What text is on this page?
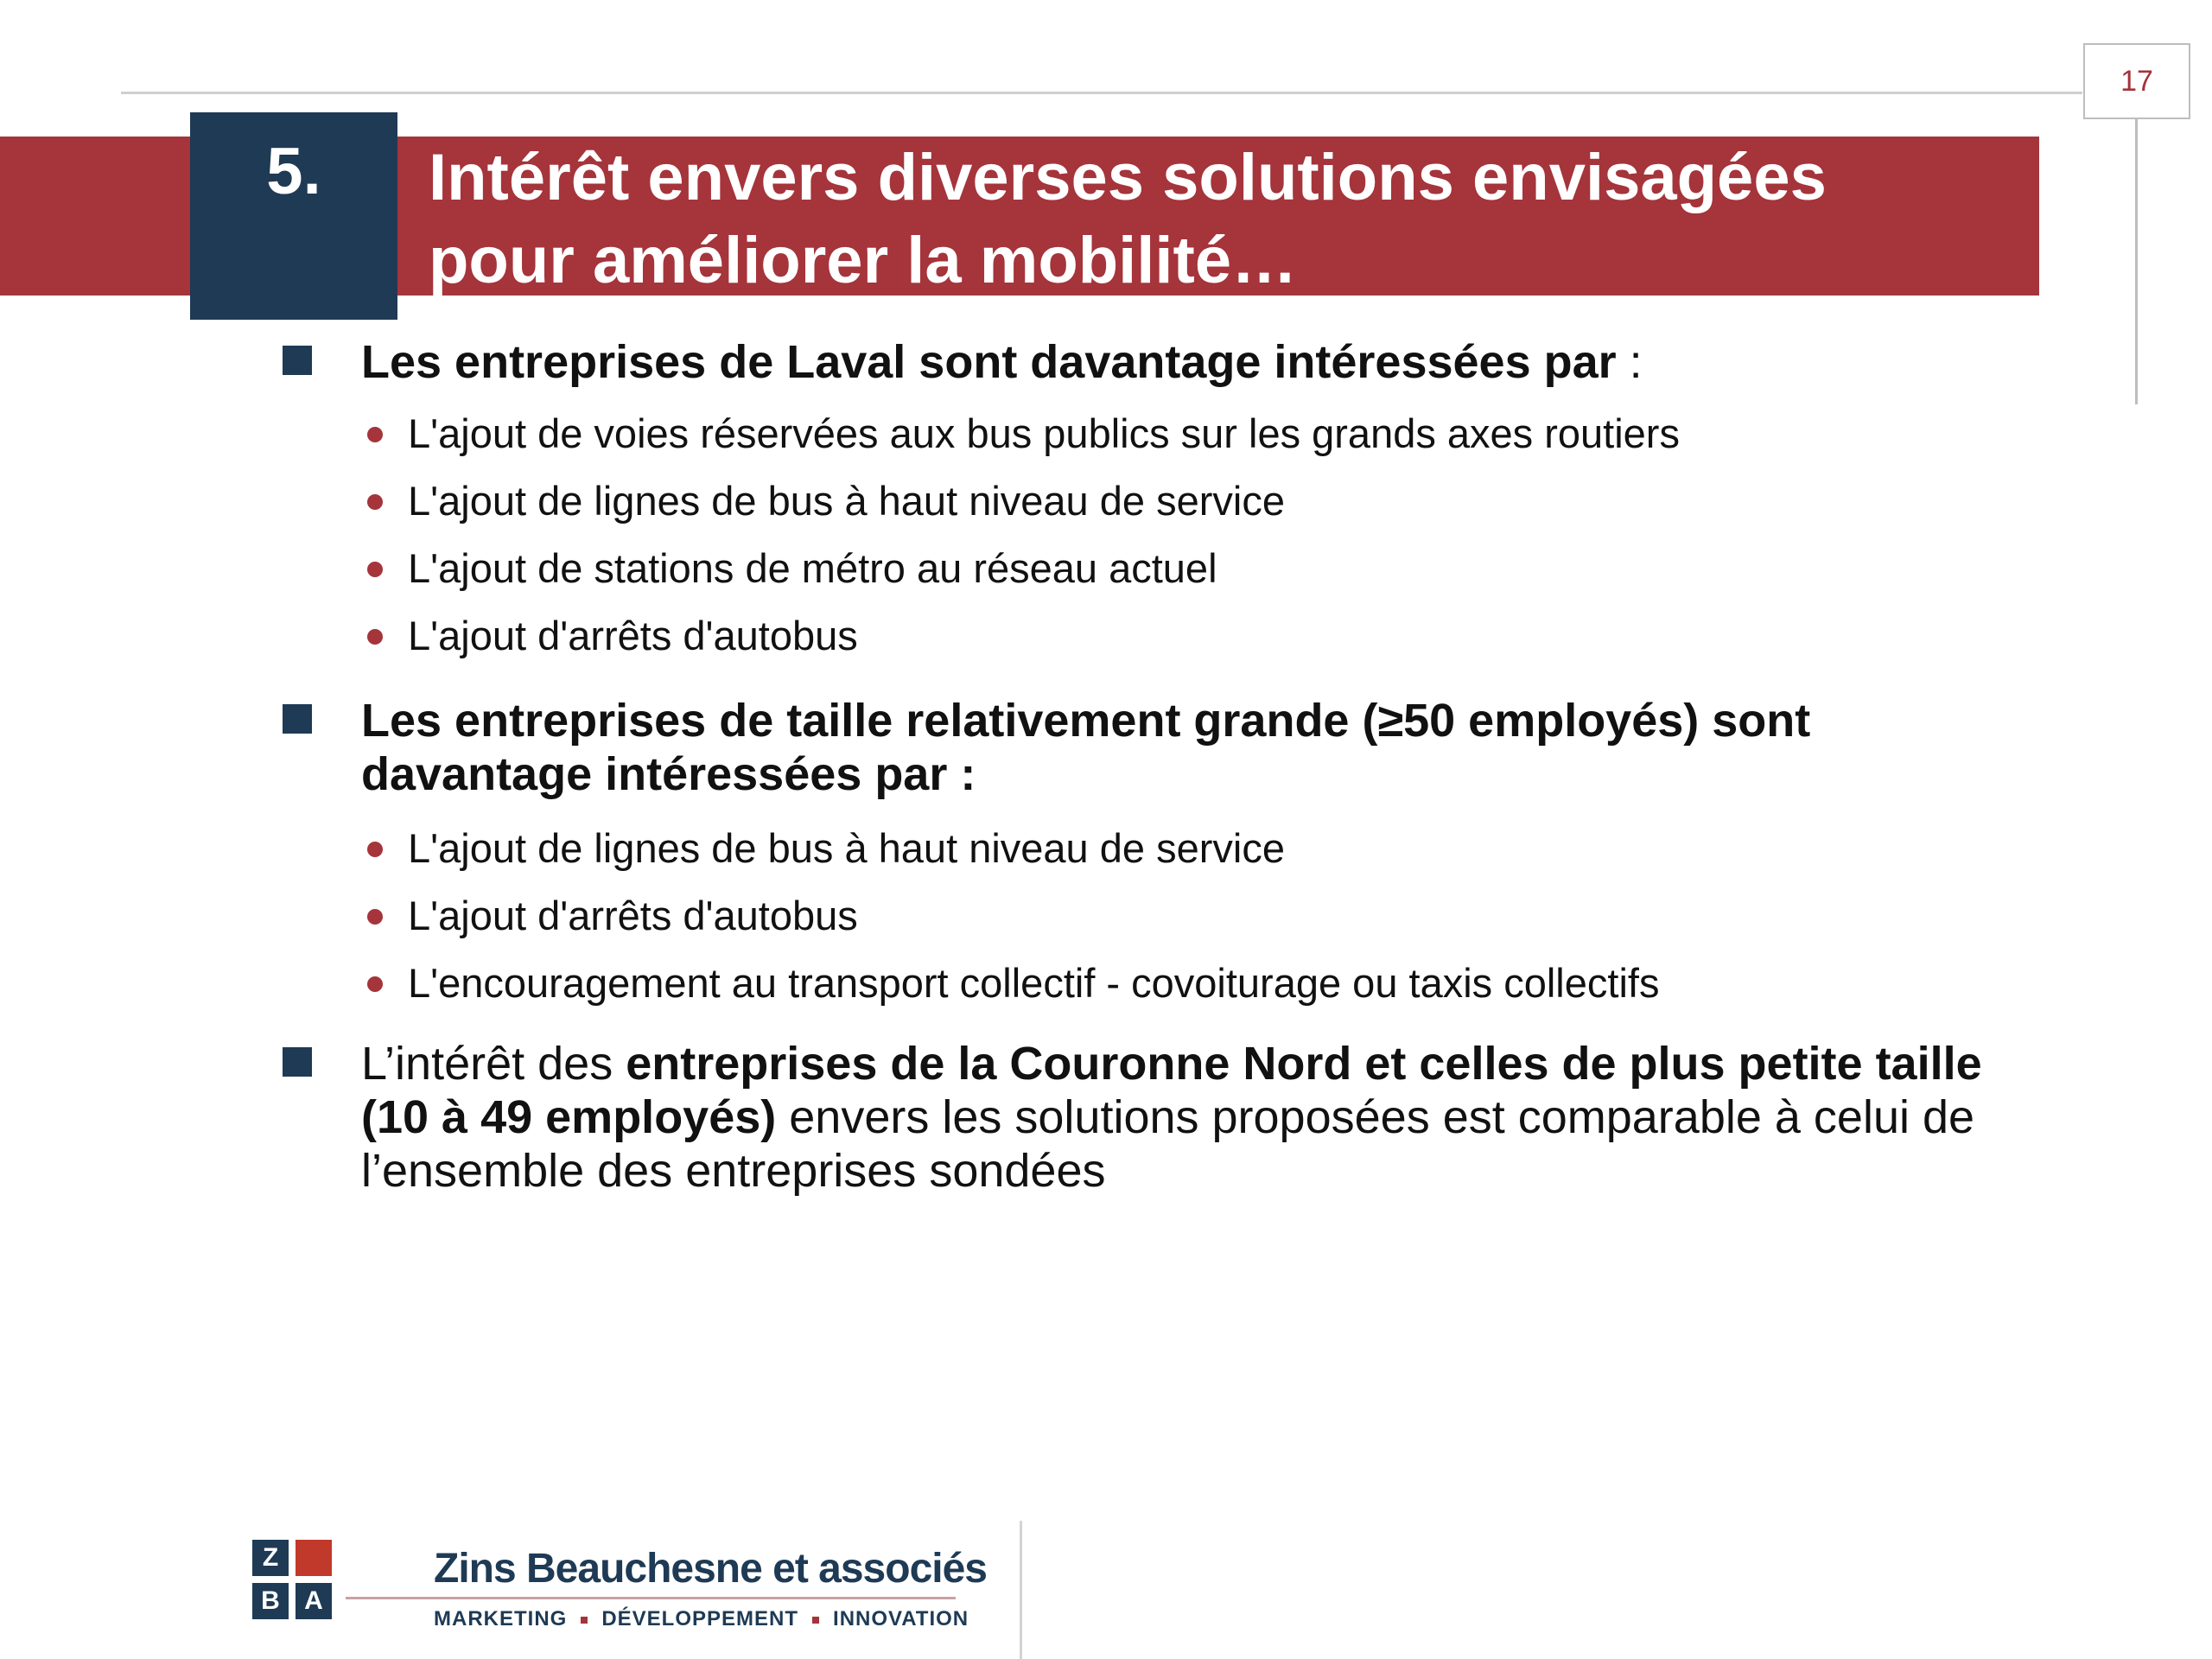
17
5.	Intérêt envers diverses solutions envisagées
pour améliorer la mobilité…
Les entreprises de Laval sont davantage intéressées par :
L'ajout de voies réservées aux bus publics sur les grands axes routiers
L'ajout de lignes de bus à haut niveau de service
L'ajout de stations de métro au réseau actuel
L'ajout d'arrêts d'autobus
Les entreprises de taille relativement grande (≥50 employés) sont
davantage intéressées par :
L'ajout de lignes de bus à haut niveau de service
L'ajout d'arrêts d'autobus
L'encouragement au transport collectif - covoiturage ou taxis collectifs
L’intérêt des entreprises de la Couronne Nord et celles de plus petite taille (10 à 49 employés) envers les solutions proposées est comparable à celui de l’ensemble des entreprises sondées
Z
B A
Zins Beauchesne et associés
MARKETING DÉVELOPPEMENT INNOVATION
